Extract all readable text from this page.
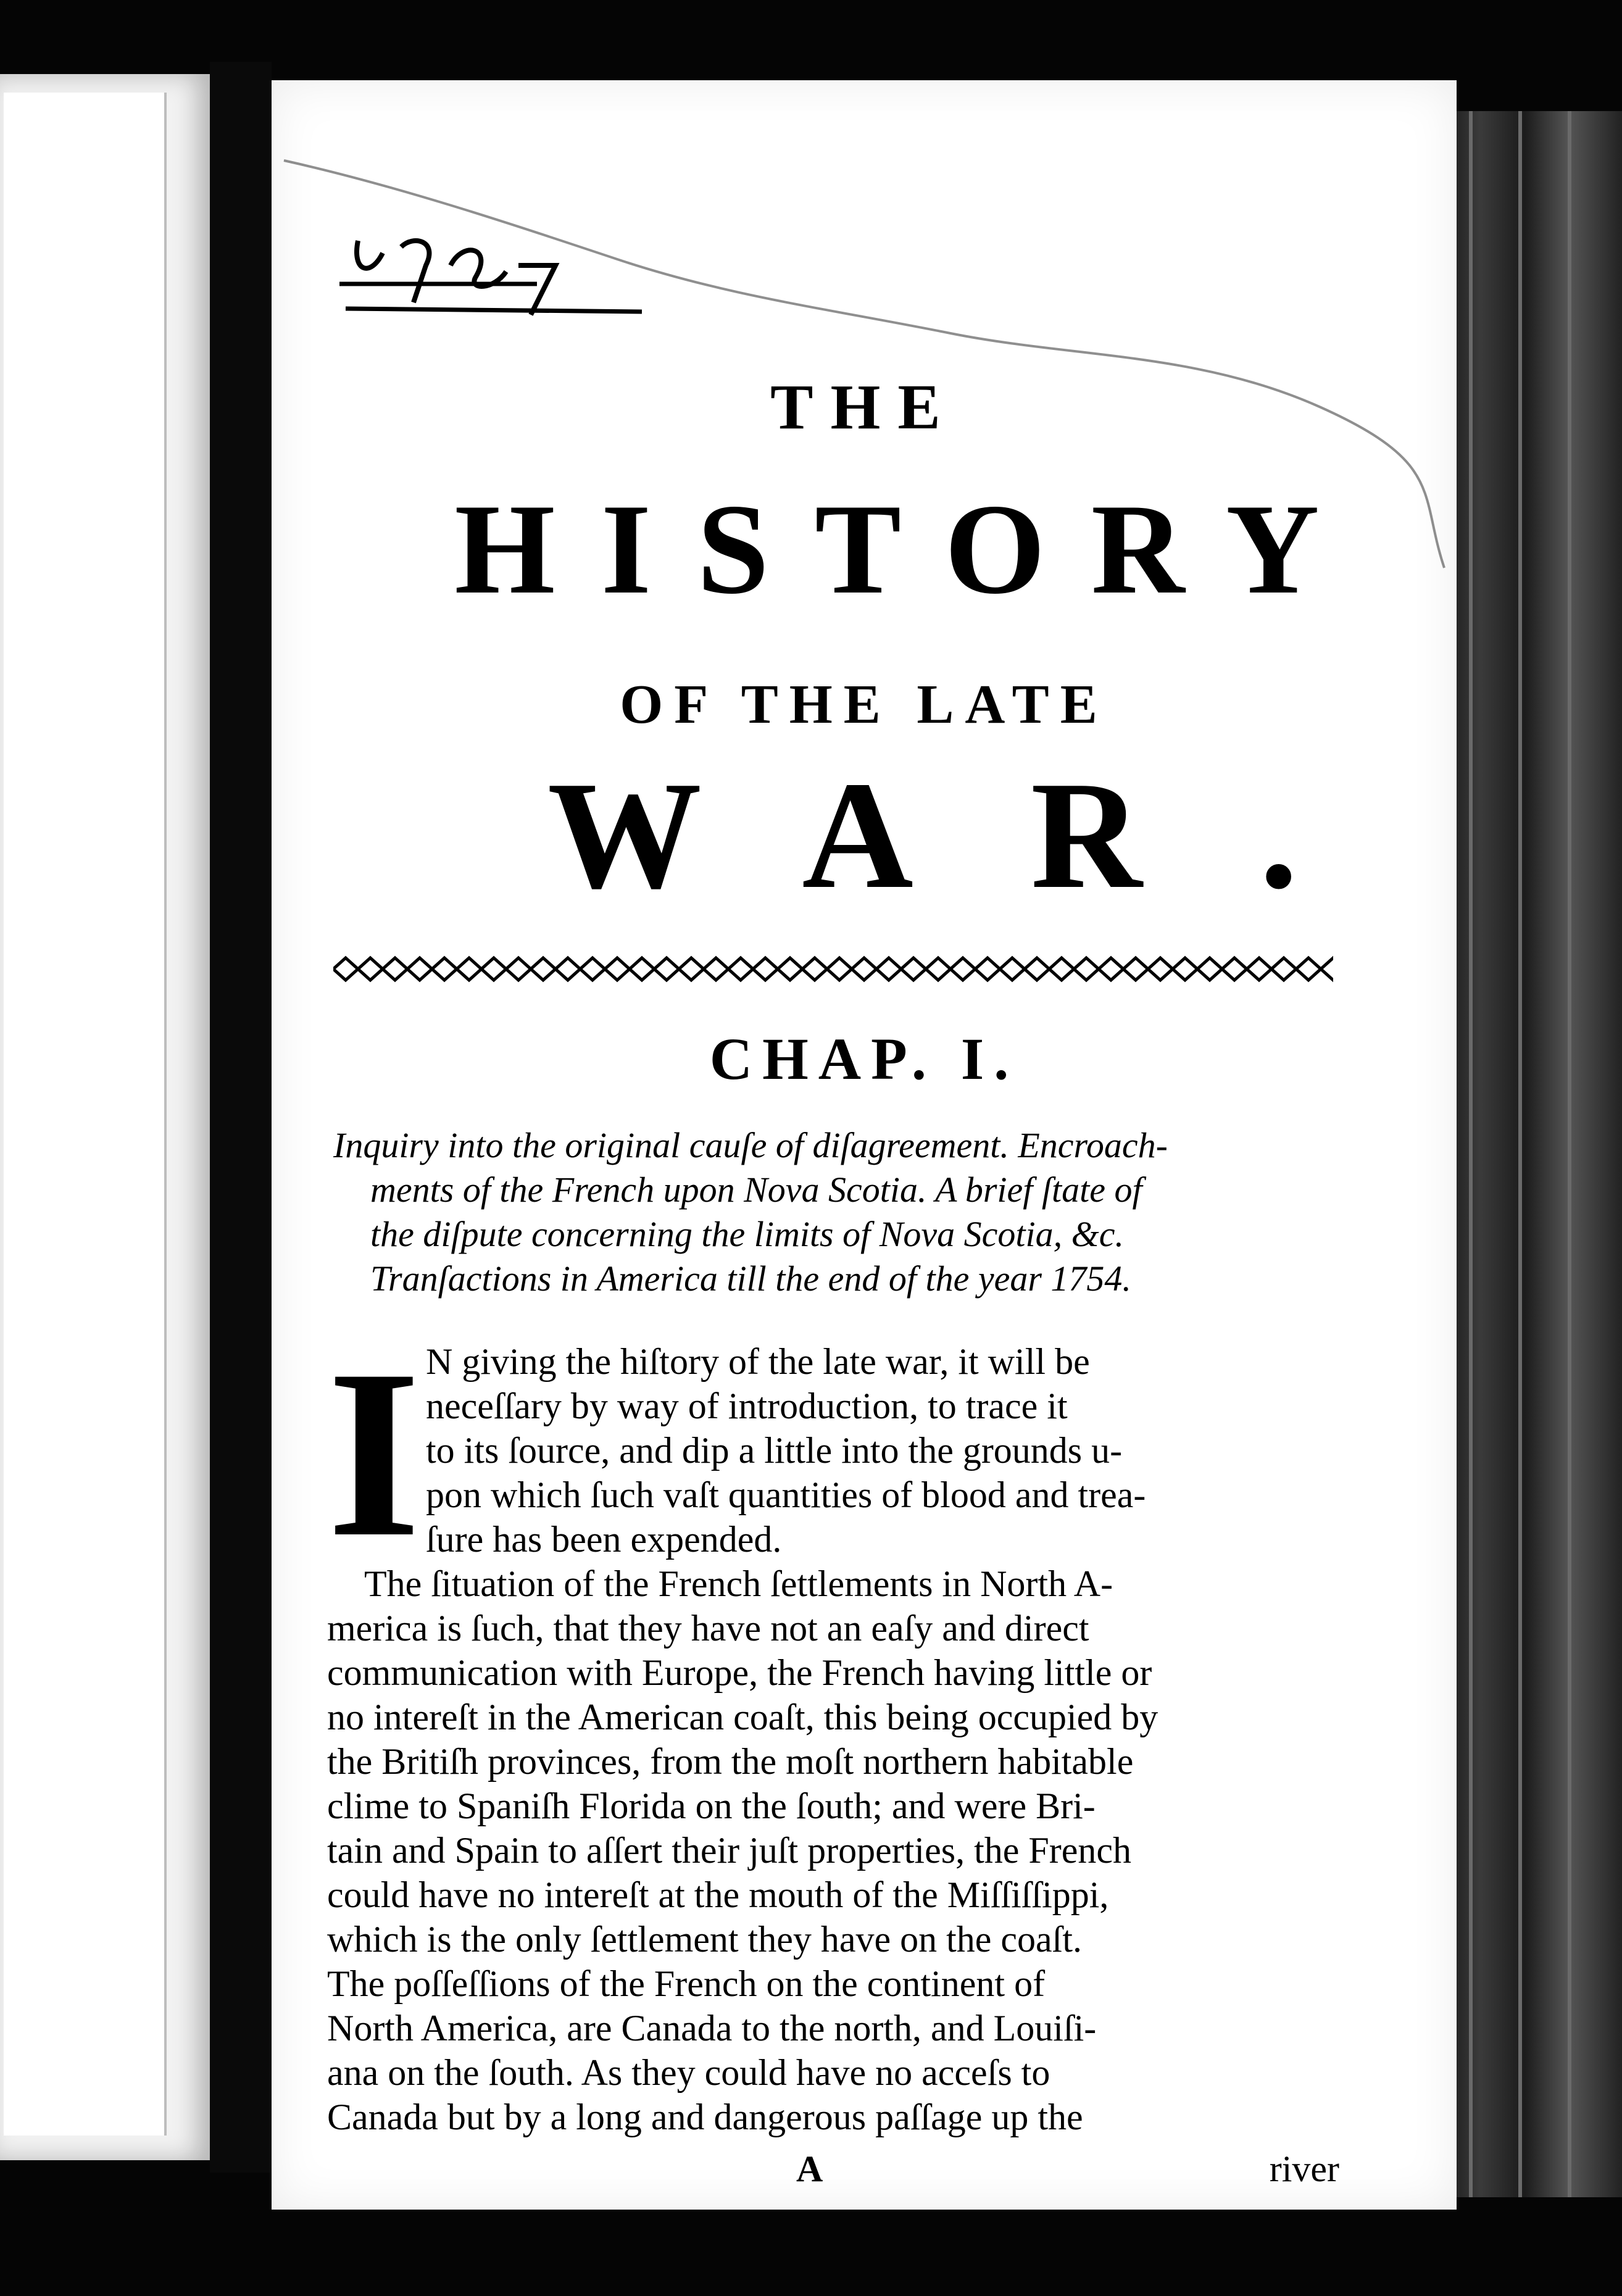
THE
HISTORY
OF THE LATE
WAR.
CHAP. I.
Inquiry into the original cauſe of diſagreement. Encroach-
ments of the French upon Nova Scotia. A brief ſtate of
the diſpute concerning the limits of Nova Scotia, &c.
Tranſactions in America till the end of the year 1754.
I N giving the hiſtory of the late war, it will be
neceſſary by way of introduction, to trace it
to its ſource, and dip a little into the grounds u-
pon which ſuch vaſt quantities of blood and trea-
ſure has been expended.
The ſituation of the French ſettlements in North A-
merica is ſuch, that they have not an eaſy and direct
communication with Europe, the French having little or
no intereſt in the American coaſt, this being occupied by
the Britiſh provinces, from the moſt northern habitable
clime to Spaniſh Florida on the ſouth; and were Bri-
tain and Spain to aſſert their juſt properties, the French
could have no intereſt at the mouth of the Miſſiſſippi,
which is the only ſettlement they have on the coaſt.
The poſſeſſions of the French on the continent of
North America, are Canada to the north, and Louiſi-
ana on the ſouth. As they could have no acceſs to
Canada but by a long and dangerous paſſage up the
A	river
